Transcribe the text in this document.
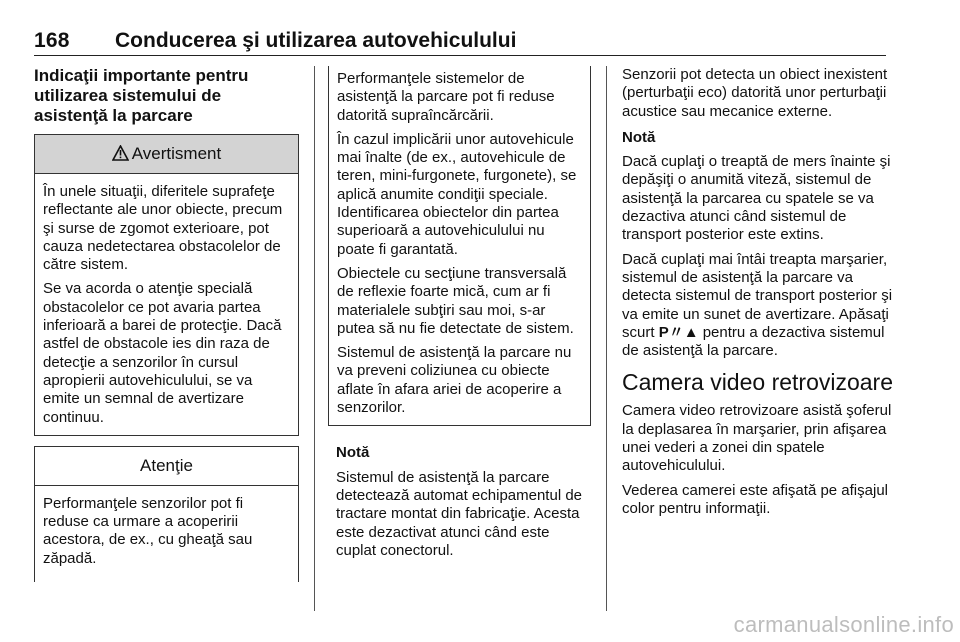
168 Conducerea şi utilizarea autovehiculului
Indicaţii importante pentru utilizarea sistemului de asistenţă la parcare
Avertisment

În unele situaţii, diferitele suprafeţe reflectante ale unor obiecte, precum şi surse de zgomot exterioare, pot cauza nedetectarea obstacolelor de către sistem.

Se va acorda o atenţie specială obstacolelor ce pot avaria partea inferioară a barei de protecţie. Dacă astfel de obstacole ies din raza de detecţie a senzorilor în cursul apropierii autovehiculului, se va emite un semnal de avertizare continuu.

Atenţie

Performanţele senzorilor pot fi reduse ca urmare a acoperirii acestora, de ex., cu gheaţă sau zăpadă.

Performanţele sistemelor de asistenţă la parcare pot fi reduse datorită supraîncărcării.

În cazul implicării unor autovehicule mai înalte (de ex., autovehicule de teren, mini-furgonete, furgonete), se aplică anumite condiţii speciale. Identificarea obiectelor din partea superioară a autovehiculului nu poate fi garantată.

Obiectele cu secţiune transversală de reflexie foarte mică, cum ar fi materialele subţiri sau moi, s-ar putea să nu fie detectate de sistem.

Sistemul de asistenţă la parcare nu va preveni coliziunea cu obiecte aflate în afara ariei de acoperire a senzorilor.

Notă

Sistemul de asistenţă la parcare detectează automat echipamentul de tractare montat din fabricaţie. Acesta este dezactivat atunci când este cuplat conectorul.

Senzorii pot detecta un obiect inexistent (perturbaţii eco) datorită unor perturbaţii acustice sau mecanice externe.

Notă

Dacă cuplaţi o treaptă de mers înainte şi depăşiţi o anumită viteză, sistemul de asistenţă la parcarea cu spatele se va dezactiva atunci când sistemul de transport posterior este extins.

Dacă cuplaţi mai întâi treapta marşarier, sistemul de asistenţă la parcare va detecta sistemul de transport posterior şi va emite un sunet de avertizare. Apăsaţi scurt P〃▲ pentru a dezactiva sistemul de asistenţă la parcare.

Camera video retrovizoare

Camera video retrovizoare asistă şoferul la deplasarea în marşarier, prin afişarea unei vederi a zonei din spatele autovehiculului.

Vederea camerei este afişată pe afişajul color pentru informaţii.

carmanualsonline.info
